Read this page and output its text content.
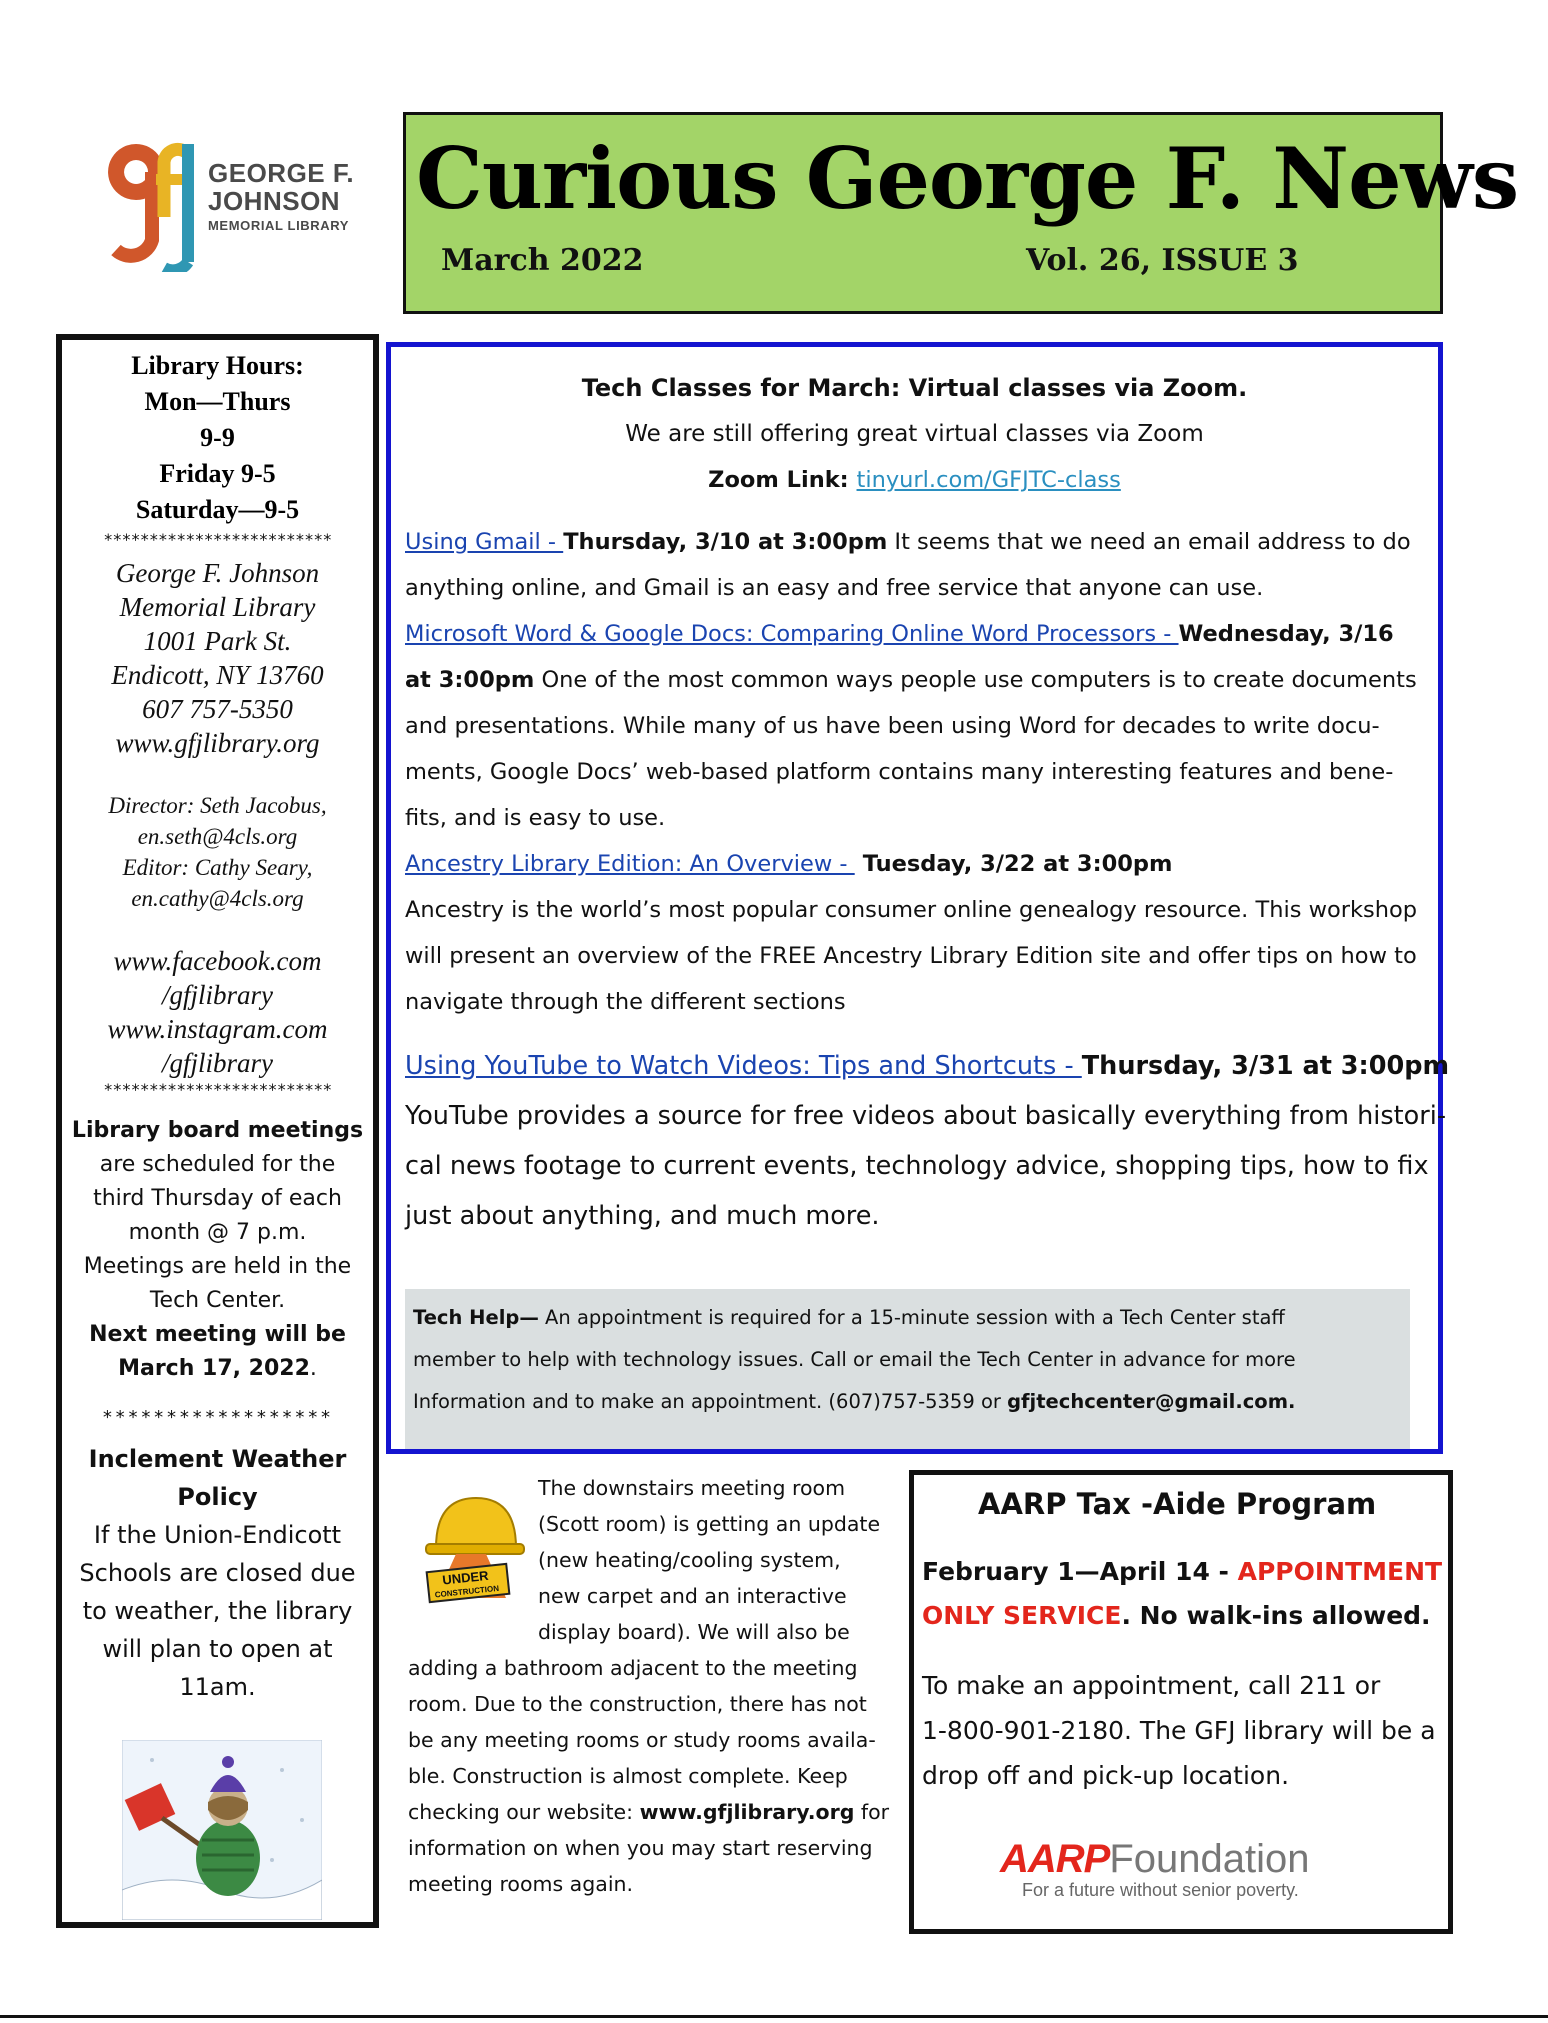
GEORGE F.
JOHNSON
MEMORIAL LIBRARY Curious George F. News
March 2022	Vol. 26, ISSUE 3
Library Hours:
Mon—Thurs
9-9
Friday 9-5
Saturday—9-5
*************************
George F. Johnson
Memorial Library
1001 Park St.
Endicott, NY 13760
607 757-5350
www.gfjlibrary.org
Director: Seth Jacobus,
en.seth@4cls.org
Editor: Cathy Seary,
en.cathy@4cls.org
www.facebook.com
/gfjlibrary
www.instagram.com
/gfjlibrary
*************************
Library board meetings
are scheduled for the
third Thursday of each
month @ 7 p.m.
Meetings are held in the
Tech Center.
Next meeting will be
March 17, 2022.
******************
Inclement Weather
Policy
If the Union-Endicott
Schools are closed due
to weather, the library
will plan to open at
11am.
Tech Classes for March: Virtual classes via Zoom.
We are still offering great virtual classes via Zoom
Zoom Link: tinyurl.com/GFJTC-class
Using Gmail - Thursday, 3/10 at 3:00pm It seems that we need an email address to do
anything online, and Gmail is an easy and free service that anyone can use.
Microsoft Word & Google Docs: Comparing Online Word Processors - Wednesday, 3/16
at 3:00pm One of the most common ways people use computers is to create documents
and presentations. While many of us have been using Word for decades to write docu-
ments, Google Docs’ web-based platform contains many interesting features and bene-
fits, and is easy to use.
Ancestry Library Edition: An Overview - Tuesday, 3/22 at 3:00pm
Ancestry is the world’s most popular consumer online genealogy resource. This workshop
will present an overview of the FREE Ancestry Library Edition site and offer tips on how to
navigate through the different sections
Using YouTube to Watch Videos: Tips and Shortcuts - Thursday, 3/31 at 3:00pm
YouTube provides a source for free videos about basically everything from histori-
cal news footage to current events, technology advice, shopping tips, how to fix
just about anything, and much more.
Tech Help— An appointment is required for a 15-minute session with a Tech Center staff
member to help with technology issues. Call or email the Tech Center in advance for more
Information and to make an appointment. (607)757-5359 or gfjtechcenter@gmail.com.
UNDER
CONSTRUCTION
The downstairs meeting room
(Scott room) is getting an update
(new heating/cooling system,
new carpet and an interactive
display board). We will also be
adding a bathroom adjacent to the meeting
room. Due to the construction, there has not
be any meeting rooms or study rooms availa-
ble. Construction is almost complete. Keep
checking our website: www.gfjlibrary.org for
information on when you may start reserving
meeting rooms again.
AARP Tax -Aide Program
February 1—April 14 - APPOINTMENT
ONLY SERVICE. No walk-ins allowed.
To make an appointment, call 211 or
1-800-901-2180. The GFJ library will be a
drop off and pick-up location.
AARPFoundation
For a future without senior poverty.
